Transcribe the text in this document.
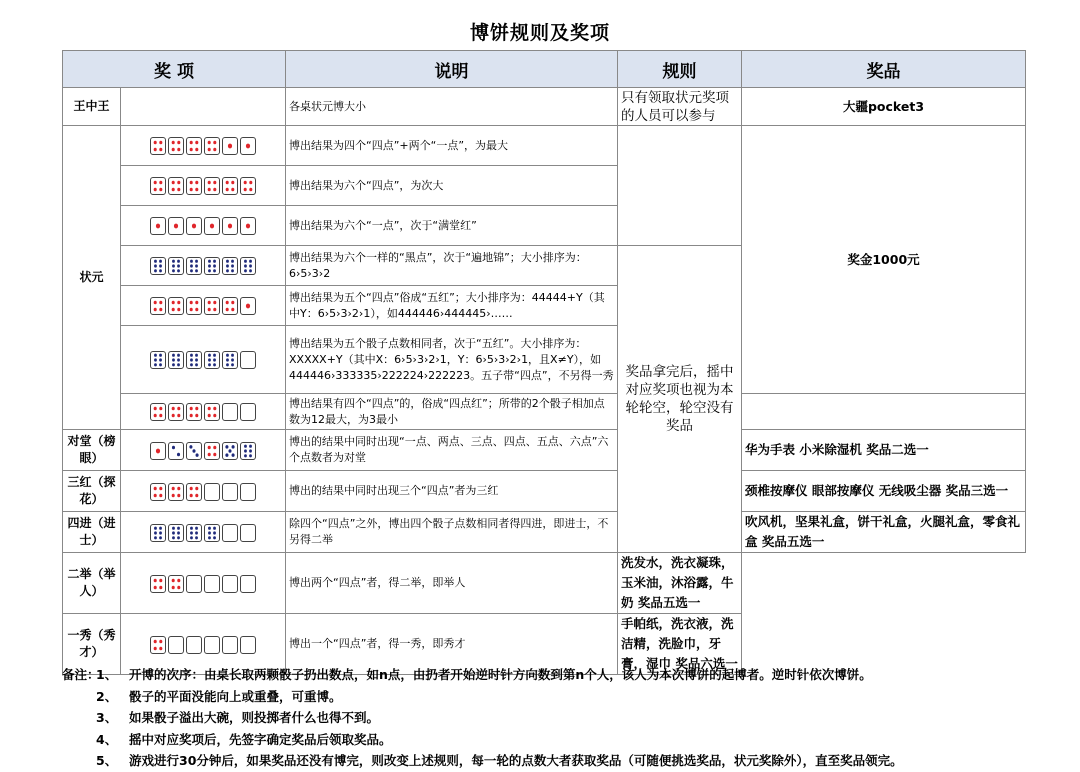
博饼规则及奖项
奖 项		说明	规则	奖品
王中王		各桌状元博大小	只有领取状元奖项的人员可以参与	大疆pocket3
状元		博出结果为四个“四点”+两个“一点”，为最大		奖金1000元

	博出结果为六个“四点”，为次大		

	博出结果为六个“一点”，次于“满堂红”		

	博出结果为六个一样的“黑点”，次于“遍地锦”；大小排序为：6›5›3›2	奖品拿完后，摇中对应奖项也视为本轮轮空，轮空没有奖品	

	博出结果为五个“四点”俗成“五红”；大小排序为：44444+Y（其中Y：6›5›3›2›1），如444446›444445›……		

	博出结果为五个骰子点数相同者，次于“五红”。大小排序为：XXXXX+Y（其中X：6›5›3›2›1，Y：6›5›3›2›1，且X≠Y），如444446›333335›222224›222223。五子带“四点”，不另得一秀		

	博出结果有四个“四点”的，俗成“四点红”；所带的2个骰子相加点数为12最大，为3最小		
对堂（榜眼）		博出的结果中同时出现“一点、两点、三点、四点、五点、六点”六个点数者为对堂		华为手表 小米除湿机 奖品二选一
三红（探花）		博出的结果中同时出现三个“四点”者为三红		颈椎按摩仪 眼部按摩仪 无线吸尘器 奖品三选一
四进（进士）		除四个“四点”之外，博出四个骰子点数相同者得四进，即进士，不另得二举		吹风机，坚果礼盒，饼干礼盒，火腿礼盒，零食礼盒 奖品五选一
二举（举人）		博出两个“四点”者，得二举，即举人	洗发水，洗衣凝珠，玉米油，沐浴露，牛奶 奖品五选一	
一秀（秀才）		博出一个“四点”者，得一秀，即秀才	手帕纸，洗衣液，洗洁精，洗脸巾，牙膏，湿巾 奖品六选一	
备注：
1、 开博的次序：由桌长取两颗骰子扔出数点，如n点，由扔者开始逆时针方向数到第n个人，该人为本次博饼的起博者。逆时针依次博饼。
2、 骰子的平面没能向上或重叠，可重博。
3、 如果骰子溢出大碗，则投掷者什么也得不到。
4、 摇中对应奖项后，先签字确定奖品后领取奖品。
5、 游戏进行30分钟后，如果奖品还没有博完，则改变上述规则，每一轮的点数大者获取奖品（可随便挑选奖品，状元奖除外），直至奖品领完。
